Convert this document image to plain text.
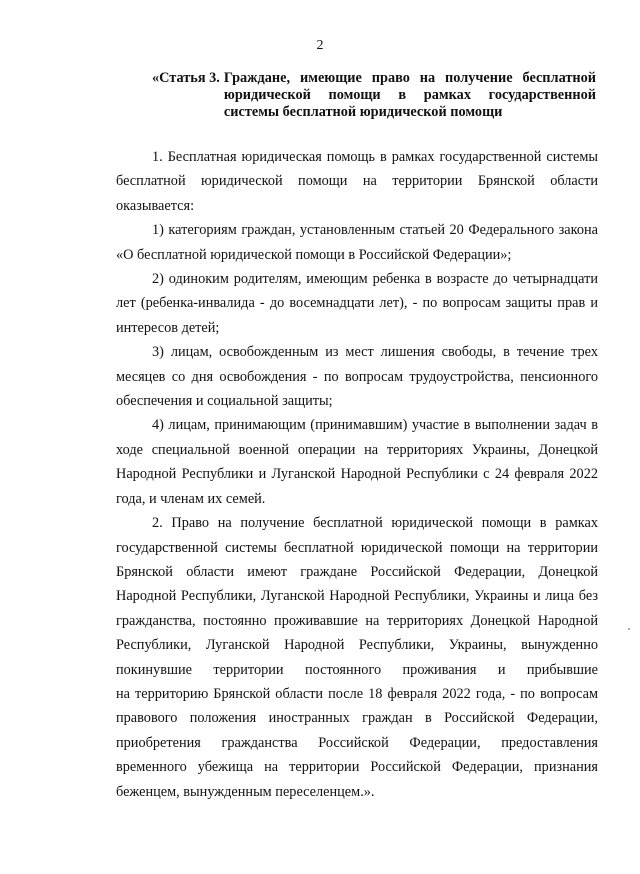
2
«Статья 3. Граждане, имеющие право на получение бесплатной юридической помощи в рамках государственной системы бесплатной юридической помощи

1. Бесплатная юридическая помощь в рамках государственной системы бесплатной юридической помощи на территории Брянской области оказывается:

1) категориям граждан, установленным статьей 20 Федерального закона «О бесплатной юридической помощи в Российской Федерации»;

2) одиноким родителям, имеющим ребенка в возрасте до четырнадцати лет (ребенка-инвалида - до восемнадцати лет), - по вопросам защиты прав и интересов детей;

3) лицам, освобожденным из мест лишения свободы, в течение трех месяцев со дня освобождения - по вопросам трудоустройства, пенсионного обеспечения и социальной защиты;

4) лицам, принимающим (принимавшим) участие в выполнении задач в ходе специальной военной операции на территориях Украины, Донецкой Народной Республики и Луганской Народной Республики с 24 февраля 2022 года, и членам их семей.

2. Право на получение бесплатной юридической помощи в рамках государственной системы бесплатной юридической помощи на территории Брянской области имеют граждане Российской Федерации, Донецкой Народной Республики, Луганской Народной Республики, Украины и лица без гражданства, постоянно проживавшие на территориях Донецкой Народной Республики, Луганской Народной Республики, Украины, вынужденно покинувшие территории постоянного проживания и прибывшие

на территорию Брянской области после 18 февраля 2022 года, - по вопросам правового положения иностранных граждан в Российской Федерации, приобретения гражданства Российской Федерации, предоставления временного убежища на территории Российской Федерации, признания беженцем, вынужденным переселенцем.».
